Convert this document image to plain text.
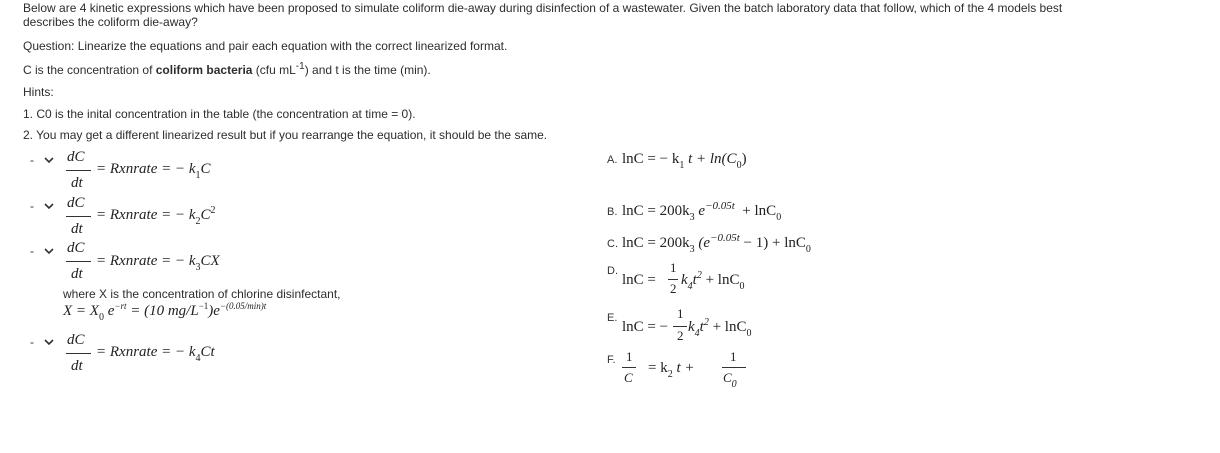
Below are 4 kinetic expressions which have been proposed to simulate coliform die-away during disinfection of a wastewater. Given the batch laboratory data that follow, which of the 4 models best
describes the coliform die-away?
Question: Linearize the equations and pair each equation with the correct linearized format.
C is the concentration of coliform bacteria (cfu $mL^{-1}$) and t is the time (min).
Hints:
1. C0 is the inital concentration in the table (the concentration at time = 0).
2. You may get a different linearized result but if you rearrange the equation, it should be the same.
-
-
-
-
dC
dt
= Rxnrate = − $k_1C$
dC
dt
= Rxnrate = − $k_2C^2$
dC
dt
= Rxnrate = − $k_3CX$
where X is the concentration of chlorine disinfectant,
$X = X_0$ $e^{-rt} = (10$ $mg/L^{-1})e^{-(0.05/min)t}$
dC
dt
= Rxnrate = − $k_4Ct$
A. lnC = − $k_1$ $t + \ln(C_0)$
B. $\ln C = 200k_3$ $e^{-0.05t} + \ln C_0$
C. $\ln C = 200k_3$ $(e^{-0.05t} - 1) + \ln C_0$
D.
lnC =
1
2
$k_4t^2 + \ln C_0$
E.
lnC = −
1
2
$k_4t^2 + \ln C_0$
F. 1
C
= $k_2$ t +
1
$C_0$
